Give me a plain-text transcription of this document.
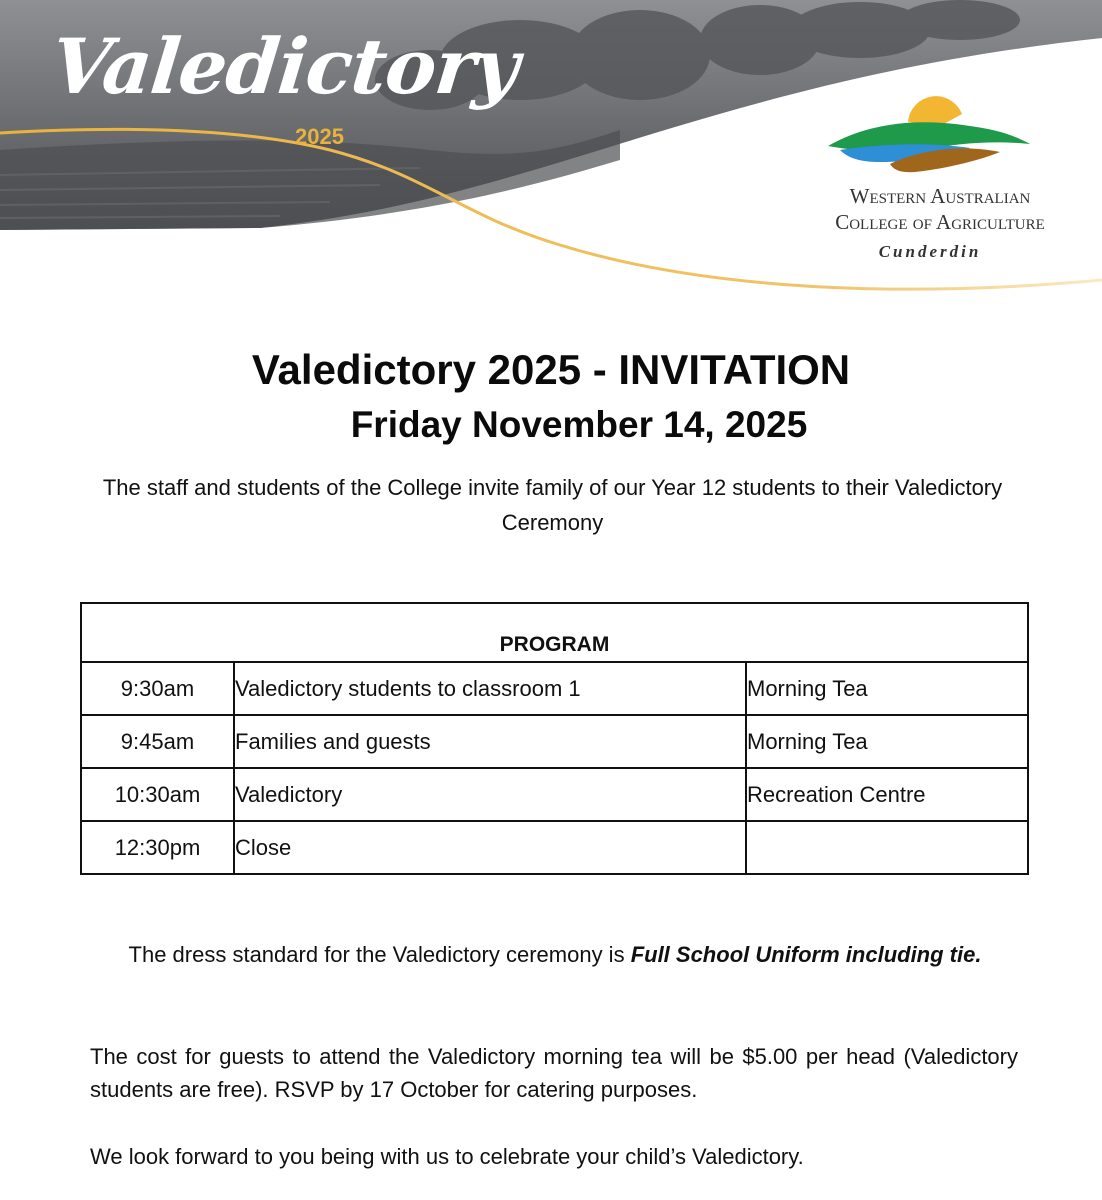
Valedictory
2025
Western Australian
College of Agriculture
Cunderdin
Valedictory 2025 - INVITATION
Friday November 14, 2025
The staff and students of the College invite family of our Year 12 students to their Valedictory Ceremony
PROGRAM		
9:30am	Valedictory students to classroom 1	Morning Tea
9:45am	Families and guests	Morning Tea
10:30am	Valedictory	Recreation Centre
12:30pm	Close	
The dress standard for the Valedictory ceremony is Full School Uniform including tie.
The cost for guests to attend the Valedictory morning tea will be $5.00 per head (Valedictory students are free). RSVP by 17 October for catering purposes.
We look forward to you being with us to celebrate your child’s Valedictory.
